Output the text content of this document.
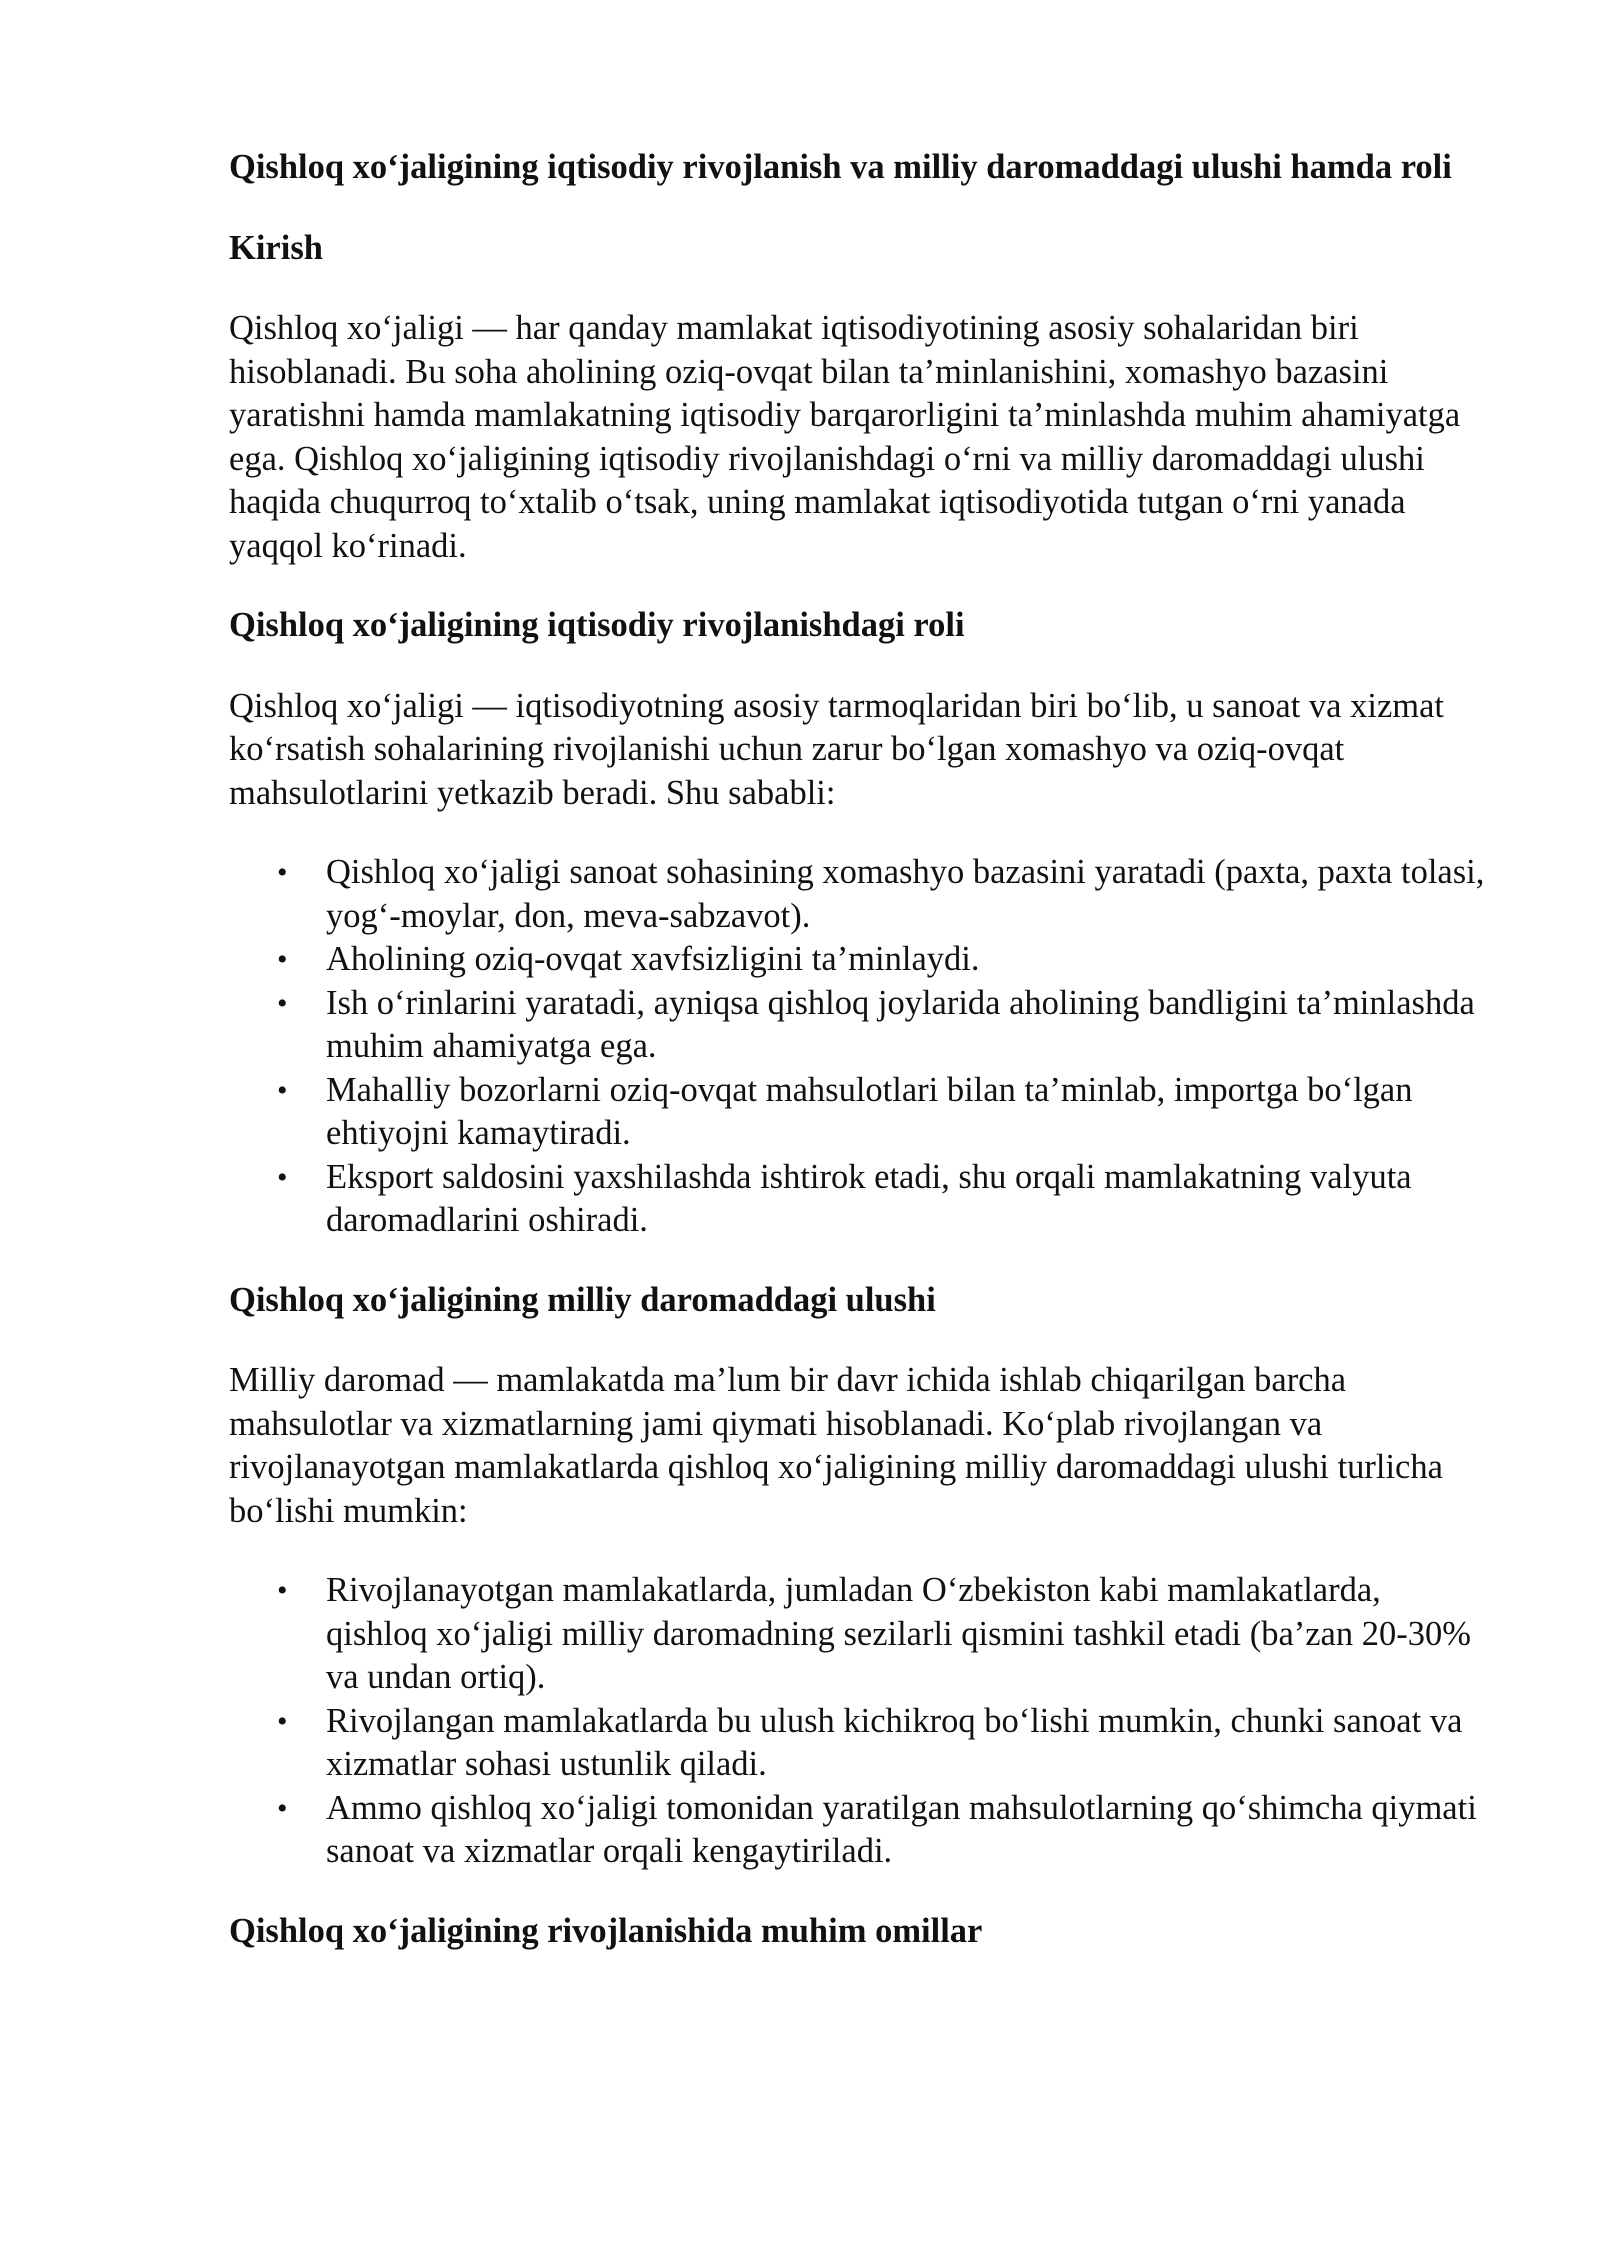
Qishloq xo‘jaligining iqtisodiy rivojlanish va milliy daromaddagi ulushi hamda roli
Kirish
Qishloq xo‘jaligi — har qanday mamlakat iqtisodiyotining asosiy sohalaridan biri hisoblanadi. Bu soha aholining oziq-ovqat bilan ta’minlanishini, xomashyo bazasini yaratishni hamda mamlakatning iqtisodiy barqarorligini ta’minlashda muhim ahamiyatga ega. Qishloq xo‘jaligining iqtisodiy rivojlanishdagi o‘rni va milliy daromaddagi ulushi haqida chuqurroq to‘xtalib o‘tsak, uning mamlakat iqtisodiyotida tutgan o‘rni yanada yaqqol ko‘rinadi.
Qishloq xo‘jaligining iqtisodiy rivojlanishdagi roli
Qishloq xo‘jaligi — iqtisodiyotning asosiy tarmoqlaridan biri bo‘lib, u sanoat va xizmat ko‘rsatish sohalarining rivojlanishi uchun zarur bo‘lgan xomashyo va oziq-ovqat mahsulotlarini yetkazib beradi. Shu sababli:
• Qishloq xo‘jaligi sanoat sohasining xomashyo bazasini yaratadi (paxta, paxta tolasi, yog‘-moylar, don, meva-sabzavot).
• Aholining oziq-ovqat xavfsizligini ta’minlaydi.
• Ish o‘rinlarini yaratadi, ayniqsa qishloq joylarida aholining bandligini ta’minlashda muhim ahamiyatga ega.
• Mahalliy bozorlarni oziq-ovqat mahsulotlari bilan ta’minlab, importga bo‘lgan ehtiyojni kamaytiradi.
• Eksport saldosini yaxshilashda ishtirok etadi, shu orqali mamlakatning valyuta daromadlarini oshiradi.
Qishloq xo‘jaligining milliy daromaddagi ulushi
Milliy daromad — mamlakatda ma’lum bir davr ichida ishlab chiqarilgan barcha mahsulotlar va xizmatlarning jami qiymati hisoblanadi. Ko‘plab rivojlangan va rivojlanayotgan mamlakatlarda qishloq xo‘jaligining milliy daromaddagi ulushi turlicha bo‘lishi mumkin:
• Rivojlanayotgan mamlakatlarda, jumladan O‘zbekiston kabi mamlakatlarda, qishloq xo‘jaligi milliy daromadning sezilarli qismini tashkil etadi (ba’zan 20-30% va undan ortiq).
• Rivojlangan mamlakatlarda bu ulush kichikroq bo‘lishi mumkin, chunki sanoat va xizmatlar sohasi ustunlik qiladi.
• Ammo qishloq xo‘jaligi tomonidan yaratilgan mahsulotlarning qo‘shimcha qiymati sanoat va xizmatlar orqali kengaytiriladi.
Qishloq xo‘jaligining rivojlanishida muhim omillar
